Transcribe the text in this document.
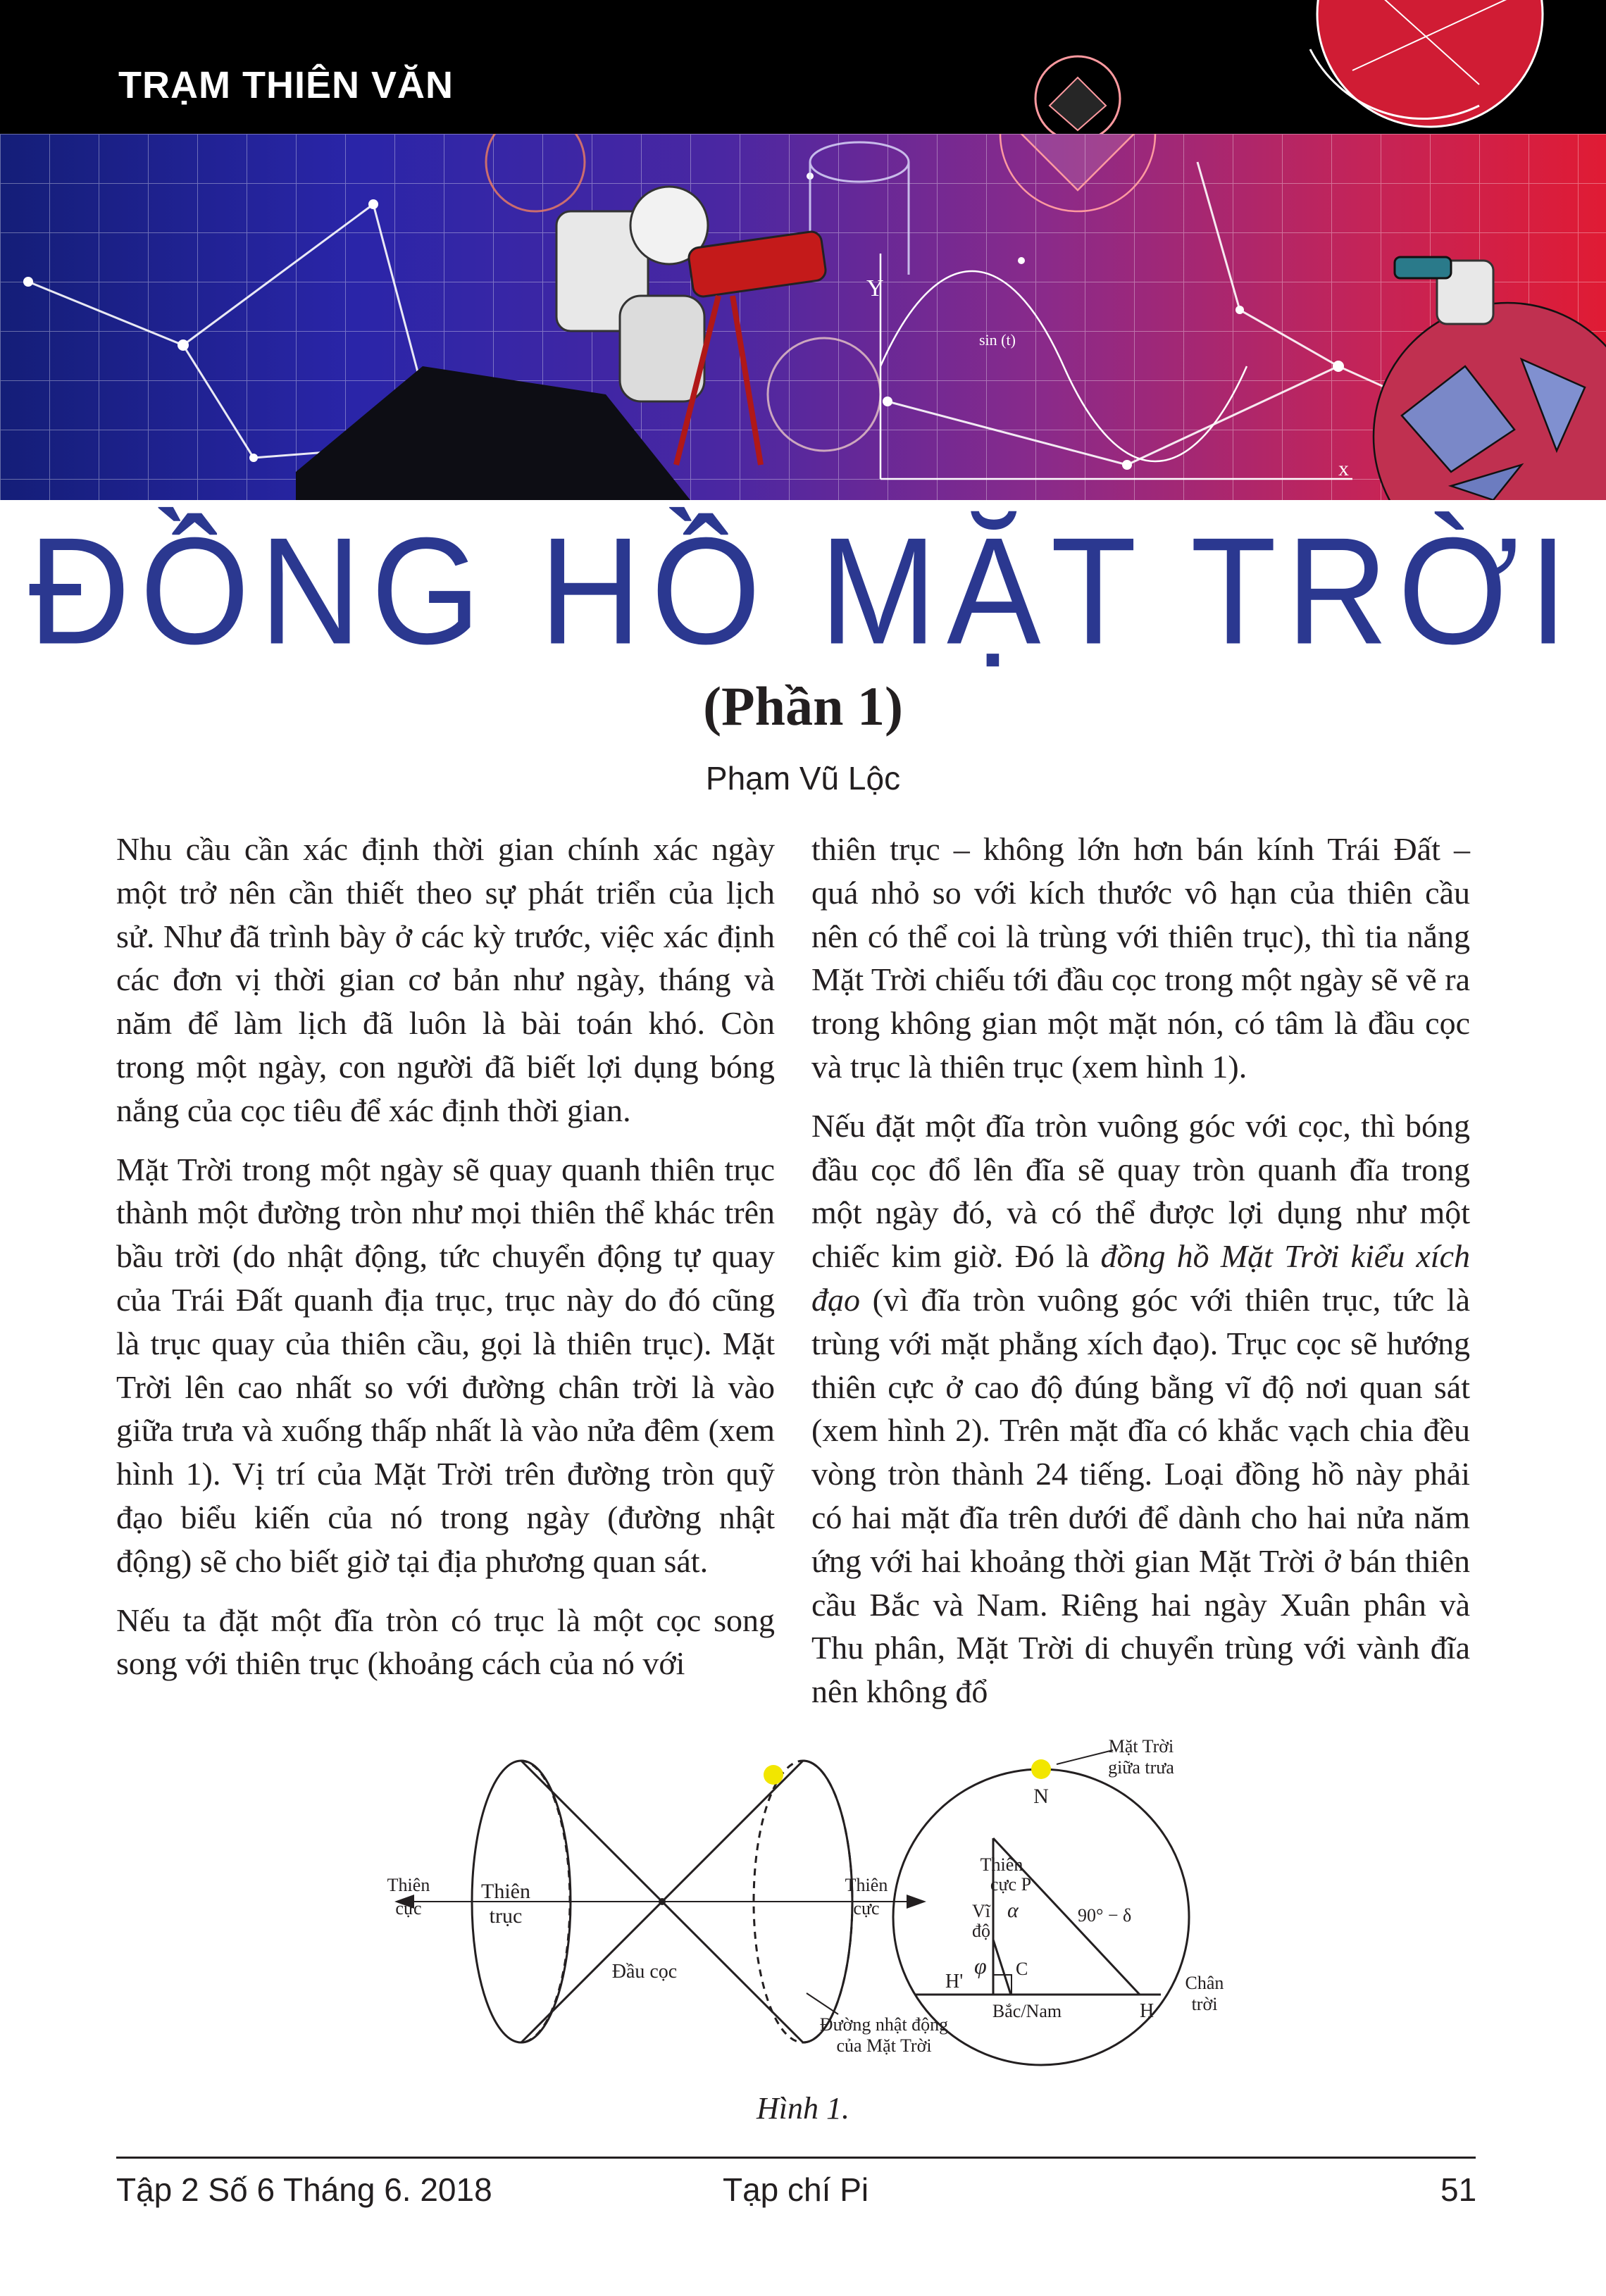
TRẠM THIÊN VĂN
Y
x
sin (t)
ĐỒNG HỒ MẶT TRỜI
(Phần 1)
Phạm Vũ Lộc

Nhu cầu cần xác định thời gian chính xác ngày một trở nên cần thiết theo sự phát triển của lịch sử. Như đã trình bày ở các kỳ trước, việc xác định các đơn vị thời gian cơ bản như ngày, tháng và năm để làm lịch đã luôn là bài toán khó. Còn trong một ngày, con người đã biết lợi dụng bóng nắng của cọc tiêu để xác định thời gian.

Mặt Trời trong một ngày sẽ quay quanh thiên trục thành một đường tròn như mọi thiên thể khác trên bầu trời (do nhật động, tức chuyển động tự quay của Trái Đất quanh địa trục, trục này do đó cũng là trục quay của thiên cầu, gọi là thiên trục). Mặt Trời lên cao nhất so với đường chân trời là vào giữa trưa và xuống thấp nhất là vào nửa đêm (xem hình 1). Vị trí của Mặt Trời trên đường tròn quỹ đạo biểu kiến của nó trong ngày (đường nhật động) sẽ cho biết giờ tại địa phương quan sát.

Nếu ta đặt một đĩa tròn có trục là một cọc song song với thiên trục (khoảng cách của nó với

thiên trục – không lớn hơn bán kính Trái Đất – quá nhỏ so với kích thước vô hạn của thiên cầu nên có thể coi là trùng với thiên trục), thì tia nắng Mặt Trời chiếu tới đầu cọc trong một ngày sẽ vẽ ra trong không gian một mặt nón, có tâm là đầu cọc và trục là thiên trục (xem hình 1).

Nếu đặt một đĩa tròn vuông góc với cọc, thì bóng đầu cọc đổ lên đĩa sẽ quay tròn quanh đĩa trong một ngày đó, và có thể được lợi dụng như một chiếc kim giờ. Đó là đồng hồ Mặt Trời kiểu xích đạo (vì đĩa tròn vuông góc với thiên trục, tức là trùng với mặt phẳng xích đạo). Trục cọc sẽ hướng thiên cực ở cao độ đúng bằng vĩ độ nơi quan sát (xem hình 2). Trên mặt đĩa có khắc vạch chia đều vòng tròn thành 24 tiếng. Loại đồng hồ này phải có hai mặt đĩa trên dưới để dành cho hai nửa năm ứng với hai khoảng thời gian Mặt Trời ở bán thiên cầu Bắc và Nam. Riêng hai ngày Xuân phân và Thu phân, Mặt Trời di chuyển trùng với vành đĩa nên không đổ

Thiên
cực
Thiên
trục
Thiên
cực
Đầu cọc
Đường nhật động
của Mặt Trời
Mặt Trời
giữa trưa
N
Thiên
cực P
α
Vĩ
độ
φ C
90° − δ
H'
H
Bắc/Nam
Chân
trời
Hình 1.
Tập 2 Số 6 Tháng 6. 2018	Tạp chí Pi	51
